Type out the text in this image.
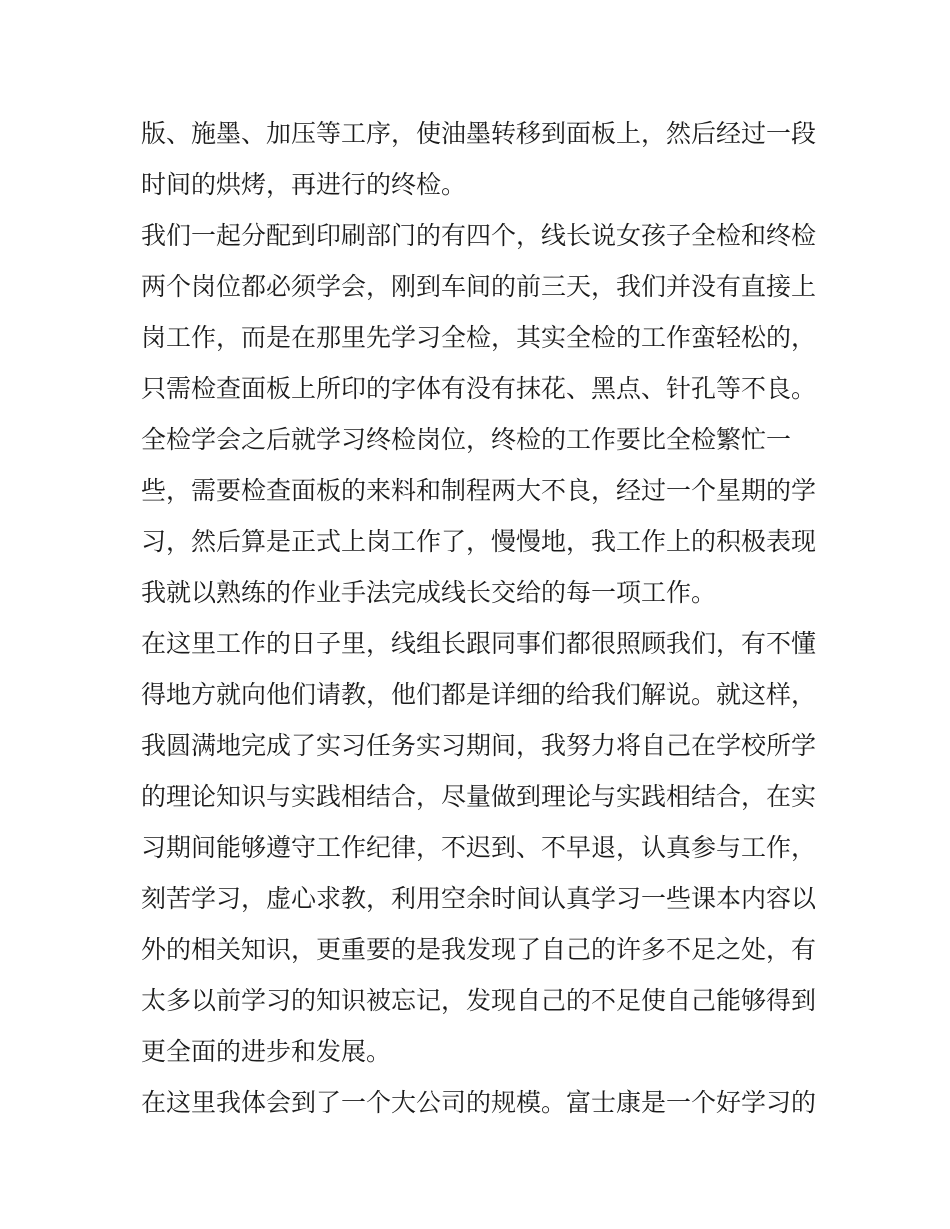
版、施墨、加压等工序，使油墨转移到面板上，然后经过一段
时间的烘烤，再进行的终检。
我们一起分配到印刷部门的有四个，线长说女孩子全检和终检
两个岗位都必须学会，刚到车间的前三天，我们并没有直接上
岗工作，而是在那里先学习全检，其实全检的工作蛮轻松的，
只需检查面板上所印的字体有没有抹花、黑点、针孔等不良。
全检学会之后就学习终检岗位，终检的工作要比全检繁忙一
些，需要检查面板的来料和制程两大不良，经过一个星期的学
习，然后算是正式上岗工作了，慢慢地，我工作上的积极表现
我就以熟练的作业手法完成线长交给的每一项工作。
在这里工作的日子里，线组长跟同事们都很照顾我们，有不懂
得地方就向他们请教，他们都是详细的给我们解说。就这样，
我圆满地完成了实习任务实习期间，我努力将自己在学校所学
的理论知识与实践相结合，尽量做到理论与实践相结合，在实
习期间能够遵守工作纪律，不迟到、不早退，认真参与工作，
刻苦学习，虚心求教，利用空余时间认真学习一些课本内容以
外的相关知识，更重要的是我发现了自己的许多不足之处，有
太多以前学习的知识被忘记，发现自己的不足使自己能够得到
更全面的进步和发展。
在这里我体会到了一个大公司的规模。富士康是一个好学习的
